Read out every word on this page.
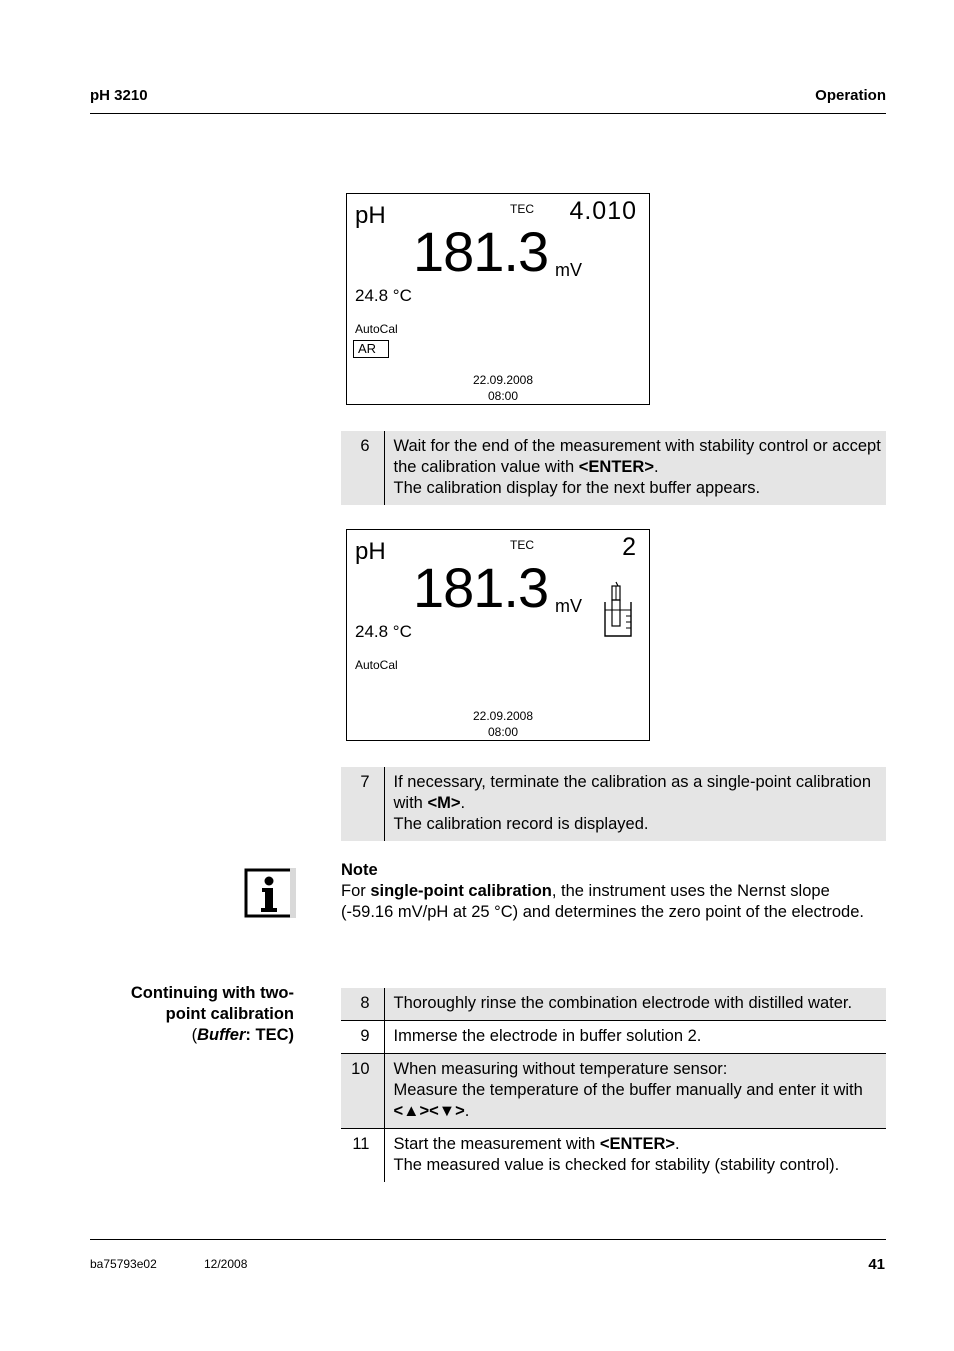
pH 3210	Operation
pH	TEC 4.010
181.3 mV
24.8 °C
AutoCal
AR
22.09.2008
08:00
6	Wait for the end of the measurement with stability control or accept the calibration value with <ENTER>.
The calibration display for the next buffer appears.
pH	TEC	2
181.3 mV
24.8 °C
AutoCal
22.09.2008
08:00
7	If necessary, terminate the calibration as a single-point calibration with <M>.
The calibration record is displayed.
Note
For single-point calibration, the instrument uses the Nernst slope (-59.16 mV/pH at 25 °C) and determines the zero point of the electrode.
Continuing with two-
point calibration
(Buffer: TEC)
8	Thoroughly rinse the combination electrode with distilled water.
9	Immerse the electrode in buffer solution 2.
10	When measuring without temperature sensor:
Measure the temperature of the buffer manually and enter it with <▲><▼>.
11	Start the measurement with <ENTER>.
The measured value is checked for stability (stability control).
ba75793e02	12/2008	41
